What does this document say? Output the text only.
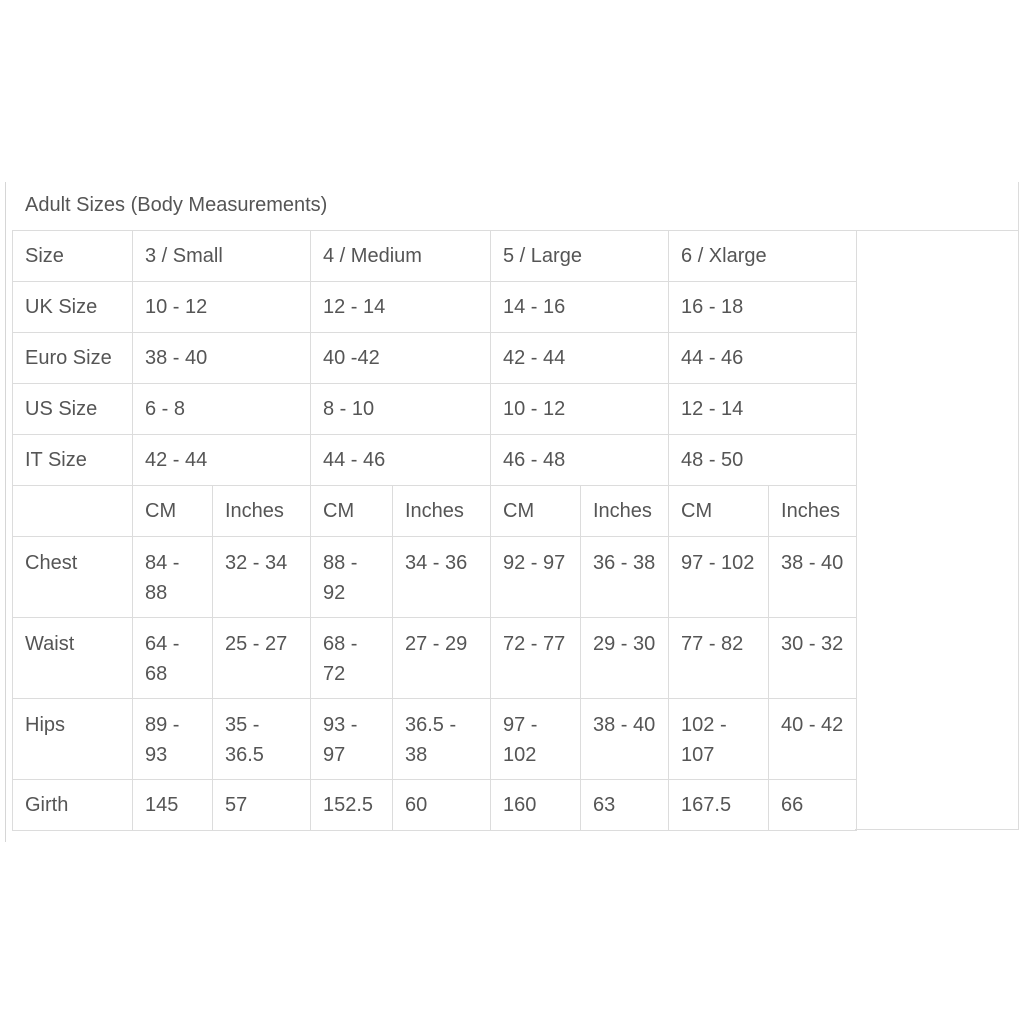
Adult Sizes (Body Measurements)
Size	3 / Small		4 / Medium		5 / Large		6 / Xlarge	
UK Size	10 - 12		12 - 14		14 - 16		16 - 18	
Euro Size	38 - 40		40 -42		42 - 44		44 - 46	
US Size	6 - 8		8 - 10		10 - 12		12 - 14	
IT Size	42 - 44		44 - 46		46 - 48		48 - 50	
	CM	Inches	CM	Inches	CM	Inches	CM	Inches
Chest	84 - 88	32 - 34	88 - 92	34 - 36	92 - 97	36 - 38	97 - 102	38 - 40
Waist	64 - 68	25 - 27	68 - 72	27 - 29	72 - 77	29 - 30	77 - 82	30 - 32
Hips	89 - 93	35 - 36.5	93 - 97	36.5 - 38	97 - 102	38 - 40	102 - 107	40 - 42
Girth	145	57	152.5	60	160	63	167.5	66
